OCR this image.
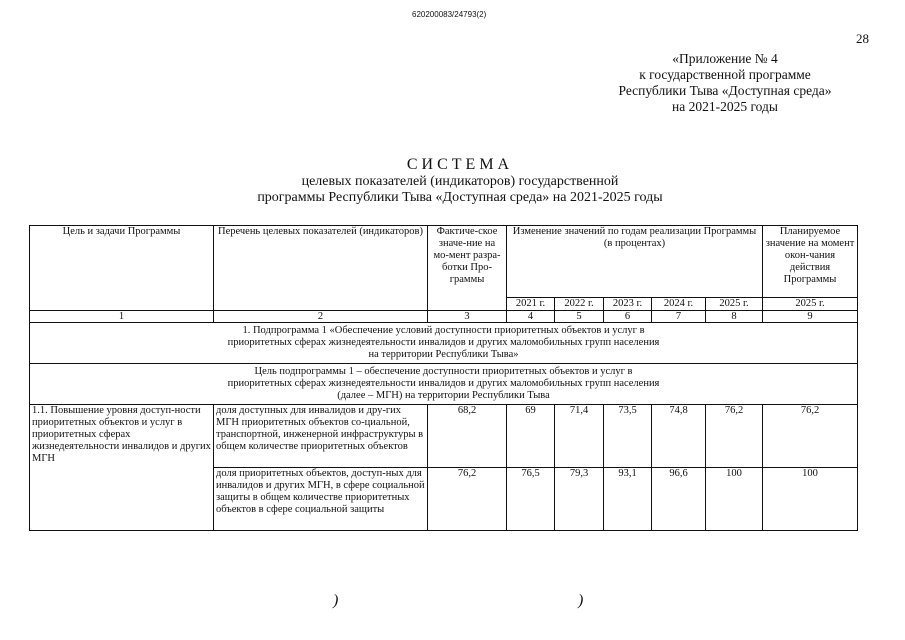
620200083/24793(2)
28
«Приложение № 4
к государственной программе
Республики Тыва «Доступная среда»
на 2021-2025 годы
СИСТЕМА
целевых показателей (индикаторов) государственной
программы Республики Тыва «Доступная среда» на 2021-2025 годы
Цель и задачи Программы	Перечень целевых показателей (индикаторов)	Фактиче-ское значе-ние на мо-мент разра-ботки Про-граммы	Изменение значений по годам реализации Программы (в процентах)					Планируемое значение на момент окон-чания действия Программы
			2021 г.	2022 г.	2023 г.	2024 г.	2025 г.	2025 г.
1	2	3	4	5	6	7	8	9

1. Подпрограмма 1 «Обеспечение условий доступности приоритетных объектов и услуг в приоритетных сферах жизнедеятельности инвалидов и других маломобильных групп населения на территории Республики Тыва»								

Цель подпрограммы 1 – обеспечение доступности приоритетных объектов и услуг в приоритетных сферах жизнедеятельности инвалидов и других маломобильных групп населения (далее – МГН) на территории Республики Тыва								

1.1. Повышение уровня доступ-ности приоритетных объектов и услуг в приоритетных сферах жизнедеятельности инвалидов и других МГН	доля доступных для инвалидов и дру-гих МГН приоритетных объектов со-циальной, транспортной, инженерной инфраструктуры в общем количестве приоритетных объектов	68,2	69	71,4	73,5	74,8	76,2	76,2
	доля приоритетных объектов, доступ-ных для инвалидов и других МГН, в сфере социальной защиты в общем количестве приоритетных объектов в сфере социальной защиты	76,2	76,5	79,3	93,1	96,6	100	100
)	)
